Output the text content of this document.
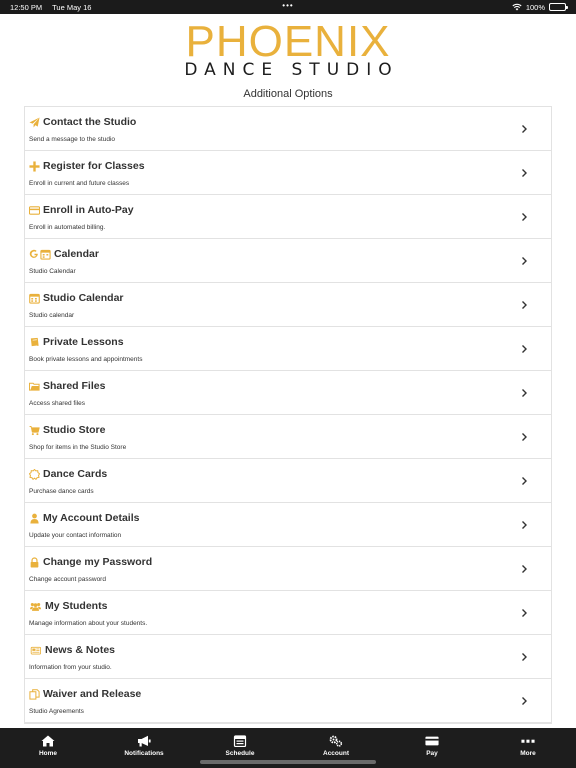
12:50 PM Tue May 16	•••	100%
PHOENIX
DANCE STUDIO
Additional Options
Contact the Studio
Send a message to the studio
Register for Classes
Enroll in current and future classes
Enroll in Auto-Pay
Enroll in automated billing.
Calendar
Studio Calendar
Studio Calendar
Studio calendar
Private Lessons
Book private lessons and appointments
Shared Files
Access shared files
Studio Store
Shop for items in the Studio Store
Dance Cards
Purchase dance cards
My Account Details
Update your contact information
Change my Password
Change account password
My Students
Manage information about your students.
News & Notes
Information from your studio.
Waiver and Release
Studio Agreements
Home	Notifications	Schedule	Account	Pay	More
